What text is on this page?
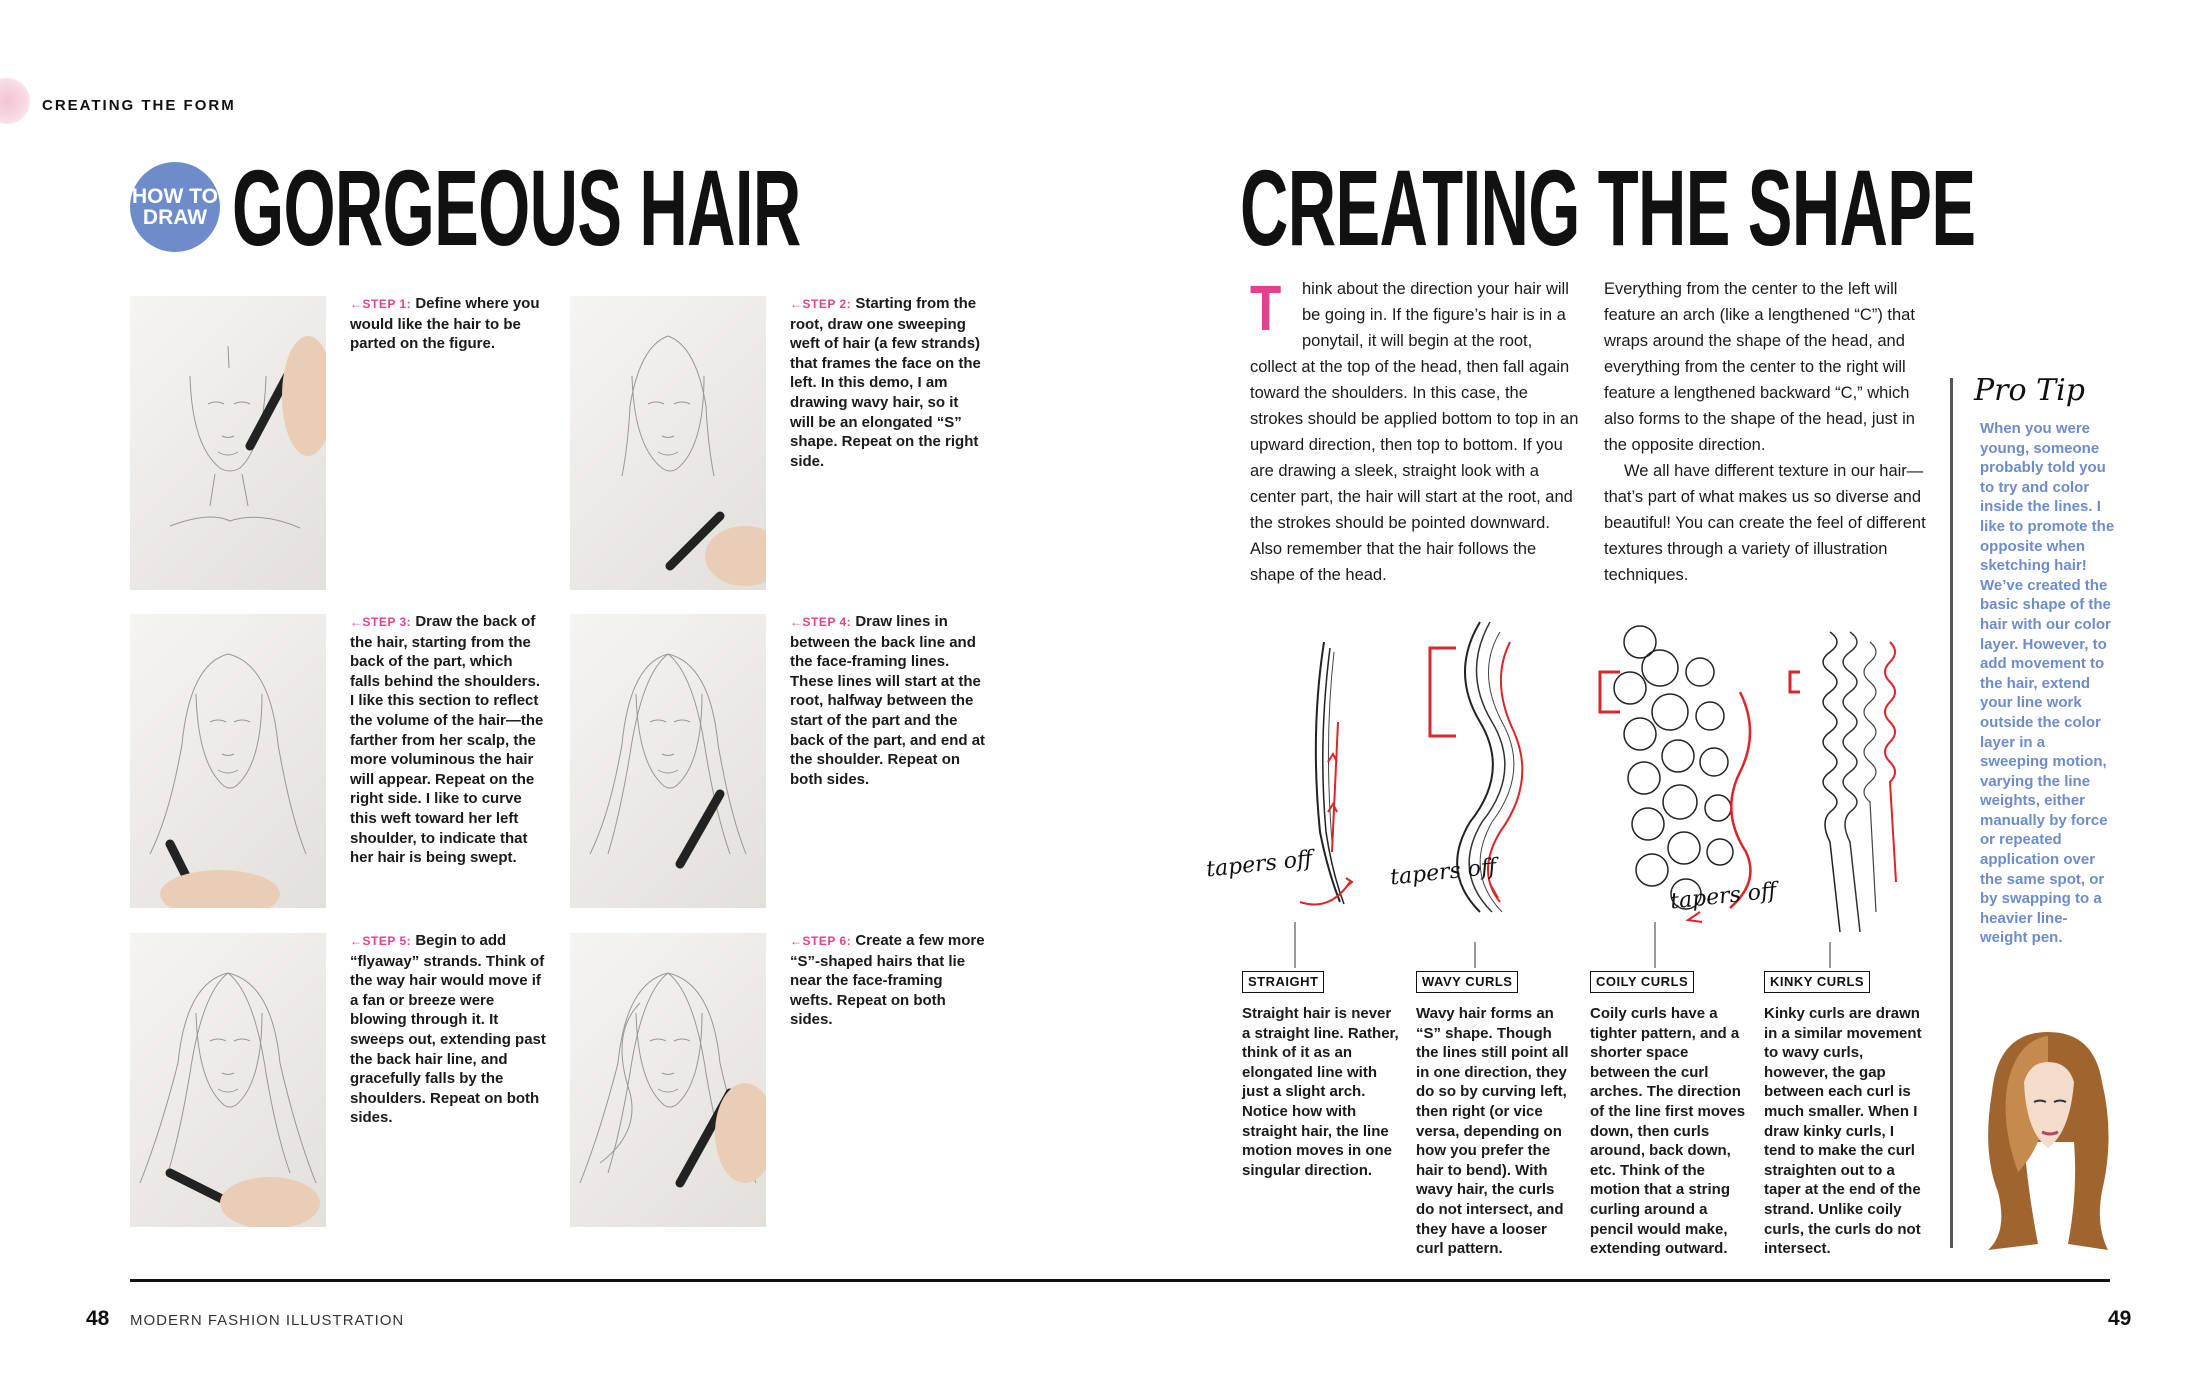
CREATING THE FORM
HOW TO
DRAW GORGEOUS HAIR	CREATING THE SHAPE
←STEP 1: Define where you would like the hair to be parted on the figure.
←STEP 2: Starting from the root, draw one sweeping weft of hair (a few strands) that frames the face on the left. In this demo, I am drawing wavy hair, so it will be an elongated “S” shape. Repeat on the right side.
←STEP 3: Draw the back of the hair, starting from the back of the part, which falls behind the shoulders. I like this section to reflect the volume of the hair—the farther from her scalp, the more voluminous the hair will appear. Repeat on the right side. I like to curve this weft toward her left shoulder, to indicate that her hair is being swept.
←STEP 4: Draw lines in between the back line and the face-framing lines. These lines will start at the root, halfway between the start of the part and the back of the part, and end at the shoulder. Repeat on both sides.
←STEP 5: Begin to add “flyaway” strands. Think of the way hair would move if a fan or breeze were blowing through it. It sweeps out, extending past the back hair line, and gracefully falls by the shoulders. Repeat on both sides.
←STEP 6: Create a few more “S”-shaped hairs that lie near the face-framing wefts. Repeat on both sides.
T	hink about the direction your hair will be going in. If the figure’s hair is in a ponytail, it will begin at the root, collect at the top of the head, then fall again toward the shoulders. In this case, the strokes should be applied bottom to top in an upward direction, then top to bottom. If you are drawing a sleek, straight look with a center part, the hair will start at the root, and the strokes should be pointed downward. Also remember that the hair follows the shape of the head.
Everything from the center to the left will feature an arch (like a lengthened “C”) that wraps around the shape of the head, and everything from the center to the right will feature a lengthened backward “C,” which also forms to the shape of the head, just in the opposite direction.
We all have different texture in our hair—that’s part of what makes us so diverse and beautiful! You can create the feel of different textures through a variety of illustration techniques.
Pro Tip
When you were young, someone probably told you to try and color inside the lines. I like to promote the opposite when sketching hair! We’ve created the basic shape of the hair with our color layer. However, to add movement to the hair, extend your line work outside the color layer in a sweeping motion, varying the line weights, either manually by force or repeated application over the same spot, or by swapping to a heavier line-weight pen.
tapers off	tapers off
tapers off
STRAIGHT	WAVY CURLS	COILY CURLS	KINKY CURLS
Straight hair is never a straight line. Rather, think of it as an elongated line with just a slight arch. Notice how with straight hair, the line motion moves in one singular direction.
Wavy hair forms an “S” shape. Though the lines still point all in one direction, they do so by curving left, then right (or vice versa, depending on how you prefer the hair to bend). With wavy hair, the curls do not intersect, and they have a looser curl pattern.
Coily curls have a tighter pattern, and a shorter space between the curl arches. The direction of the line first moves down, then curls around, back down, etc. Think of the motion that a string curling around a pencil would make, extending outward.
Kinky curls are drawn in a similar movement to wavy curls, however, the gap between each curl is much smaller. When I draw kinky curls, I tend to make the curl straighten out to a taper at the end of the strand. Unlike coily curls, the curls do not intersect.
48 MODERN FASHION ILLUSTRATION	49
